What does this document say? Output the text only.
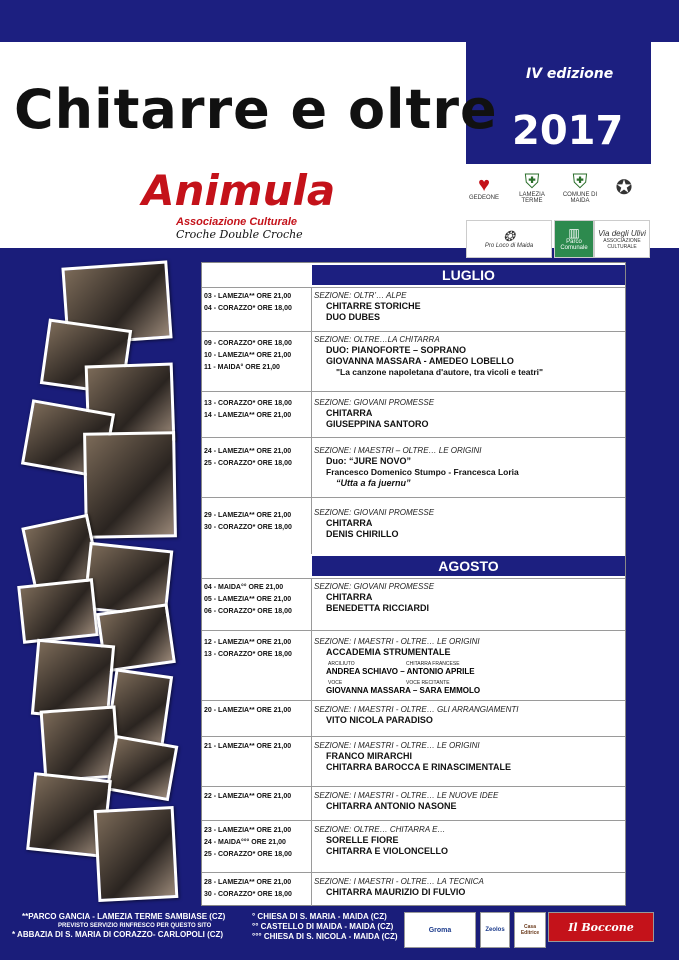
IV edizione
2017
Chitarre e oltre
Animula
Associazione Culturale
Croche Double Croche
♥
GEDEONE
⛨
LAMEZIA TERME
⛨
COMUNE DI MAIDA
✪
❂
Pro Loco di Maida
▥
Parco Comunale
Via degli Ulivi
ASSOCIAZIONE CULTURALE
LUGLIO
03 - LAMEZIA** ORE 21,00
04 - CORAZZO* ORE 18,00
SEZIONE: OLTR’… ALPE
CHITARRE STORICHE
DUO DUBES
09 - CORAZZO* ORE 18,00
10 - LAMEZIA** ORE 21,00
11 - MAIDA° ORE 21,00
SEZIONE: OLTRE…LA CHITARRA
DUO: PIANOFORTE – SOPRANO
GIOVANNA MASSARA - AMEDEO LOBELLO
"La canzone napoletana d'autore, tra vicoli e teatri"
13 - CORAZZO* ORE 18,00
14 - LAMEZIA** ORE 21,00
SEZIONE: GIOVANI PROMESSE
CHITARRA
GIUSEPPINA SANTORO
24 - LAMEZIA** ORE 21,00
25 - CORAZZO* ORE 18,00
SEZIONE: I MAESTRI – OLTRE… LE ORIGINI
Duo: “JURE NOVO”
Francesco Domenico Stumpo - Francesca Loria
“Utta a fa juernu”
29 - LAMEZIA** ORE 21,00
30 - CORAZZO* ORE 18,00
SEZIONE: GIOVANI PROMESSE
CHITARRA
DENIS CHIRILLO
AGOSTO
04 - MAIDA°° ORE 21,00
05 - LAMEZIA** ORE 21,00
06 - CORAZZO* ORE 18,00
SEZIONE: GIOVANI PROMESSE
CHITARRA
BENEDETTA RICCIARDI
12 - LAMEZIA** ORE 21,00
13 - CORAZZO* ORE 18,00
SEZIONE: I MAESTRI - OLTRE… LE ORIGINI
ACCADEMIA STRUMENTALE
ARCILIUTO	CHITARRA FRANCESE
ANDREA SCHIAVO – ANTONIO APRILE
VOCE	VOCE RECITANTE
GIOVANNA MASSARA – SARA EMMOLO
20 - LAMEZIA** ORE 21,00	SEZIONE: I MAESTRI - OLTRE… GLI ARRANGIAMENTI
VITO NICOLA PARADISO
21 - LAMEZIA** ORE 21,00	SEZIONE: I MAESTRI - OLTRE… LE ORIGINI
FRANCO MIRARCHI
CHITARRA BAROCCA E RINASCIMENTALE
22 - LAMEZIA** ORE 21,00	SEZIONE: I MAESTRI - OLTRE… LE NUOVE IDEE
CHITARRA ANTONIO NASONE
23 - LAMEZIA** ORE 21,00
24 - MAIDA°°° ORE 21,00
25 - CORAZZO* ORE 18,00
SEZIONE: OLTRE… CHITARRA E…
SORELLE FIORE
CHITARRA E VIOLONCELLO
28 - LAMEZIA** ORE 21,00
30 - CORAZZO* ORE 18,00
SEZIONE: I MAESTRI - OLTRE… LA TECNICA
CHITARRA MAURIZIO DI FULVIO
**PARCO GANCIA - LAMEZIA TERME SAMBIASE (CZ)
PREVISTO SERVIZIO RINFRESCO PER QUESTO SITO
* ABBAZIA DI S. MARIA DI CORAZZO- CARLOPOLI (CZ)
° CHIESA DI S. MARIA - MAIDA (CZ)
°° CASTELLO DI MAIDA - MAIDA (CZ)
°°° CHIESA DI S. NICOLA - MAIDA (CZ)
Groma	Zeolos	Casa Editrice	Il Boccone
